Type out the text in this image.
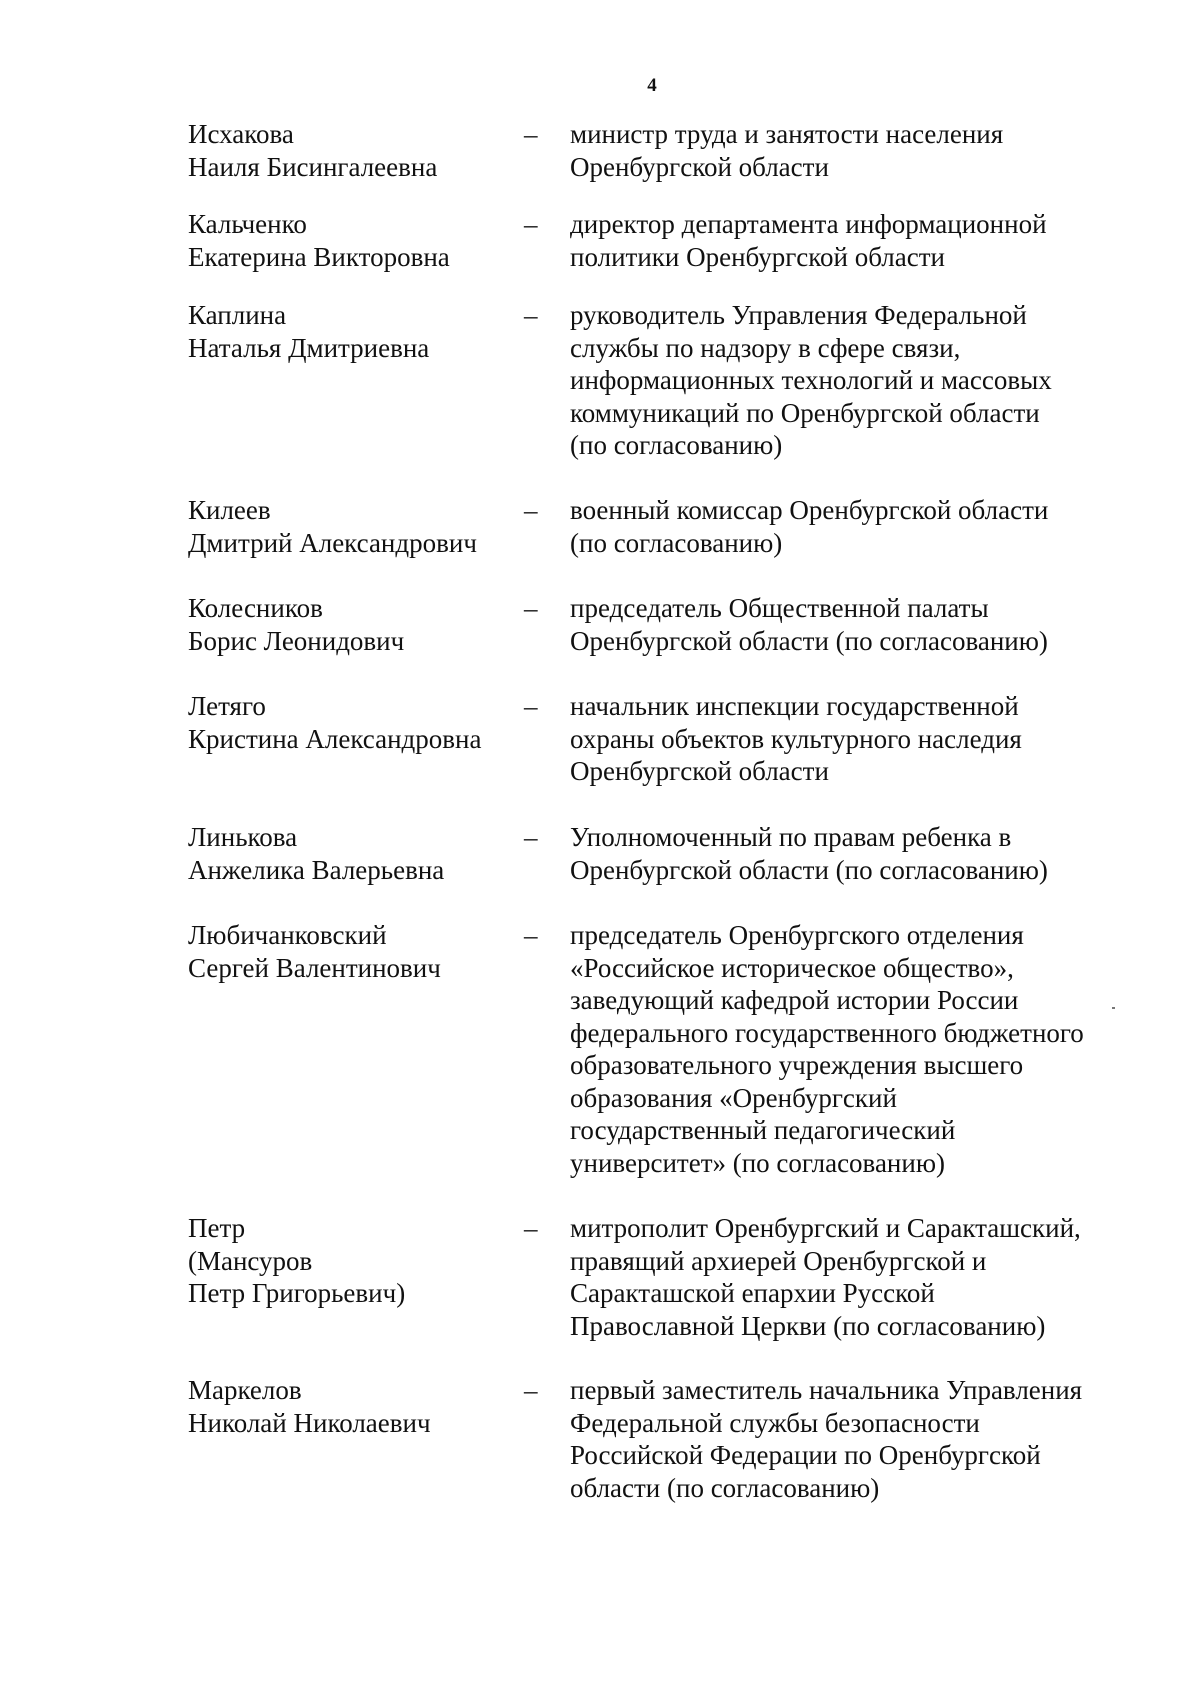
4
Исхакова
Наиля Бисингалеевна
– министр труда и занятости населения
Оренбургской области
Кальченко
Екатерина Викторовна
– директор департамента информационной
политики Оренбургской области
Каплина
Наталья Дмитриевна
– руководитель Управления Федеральной
службы по надзору в сфере связи,
информационных технологий и массовых
коммуникаций по Оренбургской области
(по согласованию)
Килеев
Дмитрий Александрович
– военный комиссар Оренбургской области
(по согласованию)
Колесников
Борис Леонидович
– председатель Общественной палаты
Оренбургской области (по согласованию)
Летяго
Кристина Александровна
– начальник инспекции государственной
охраны объектов культурного наследия
Оренбургской области
Линькова
Анжелика Валерьевна
– Уполномоченный по правам ребенка в
Оренбургской области (по согласованию)
Любичанковский
Сергей Валентинович
– председатель Оренбургского отделения
«Российское историческое общество»,
заведующий кафедрой истории России
федерального государственного бюджетного
образовательного учреждения высшего
образования «Оренбургский
государственный педагогический
университет» (по согласованию)
Петр
(Мансуров
Петр Григорьевич)
– митрополит Оренбургский и Саракташский,
правящий архиерей Оренбургской и
Саракташской епархии Русской
Православной Церкви (по согласованию)
Маркелов
Николай Николаевич
– первый заместитель начальника Управления
Федеральной службы безопасности
Российской Федерации по Оренбургской
области (по согласованию)
